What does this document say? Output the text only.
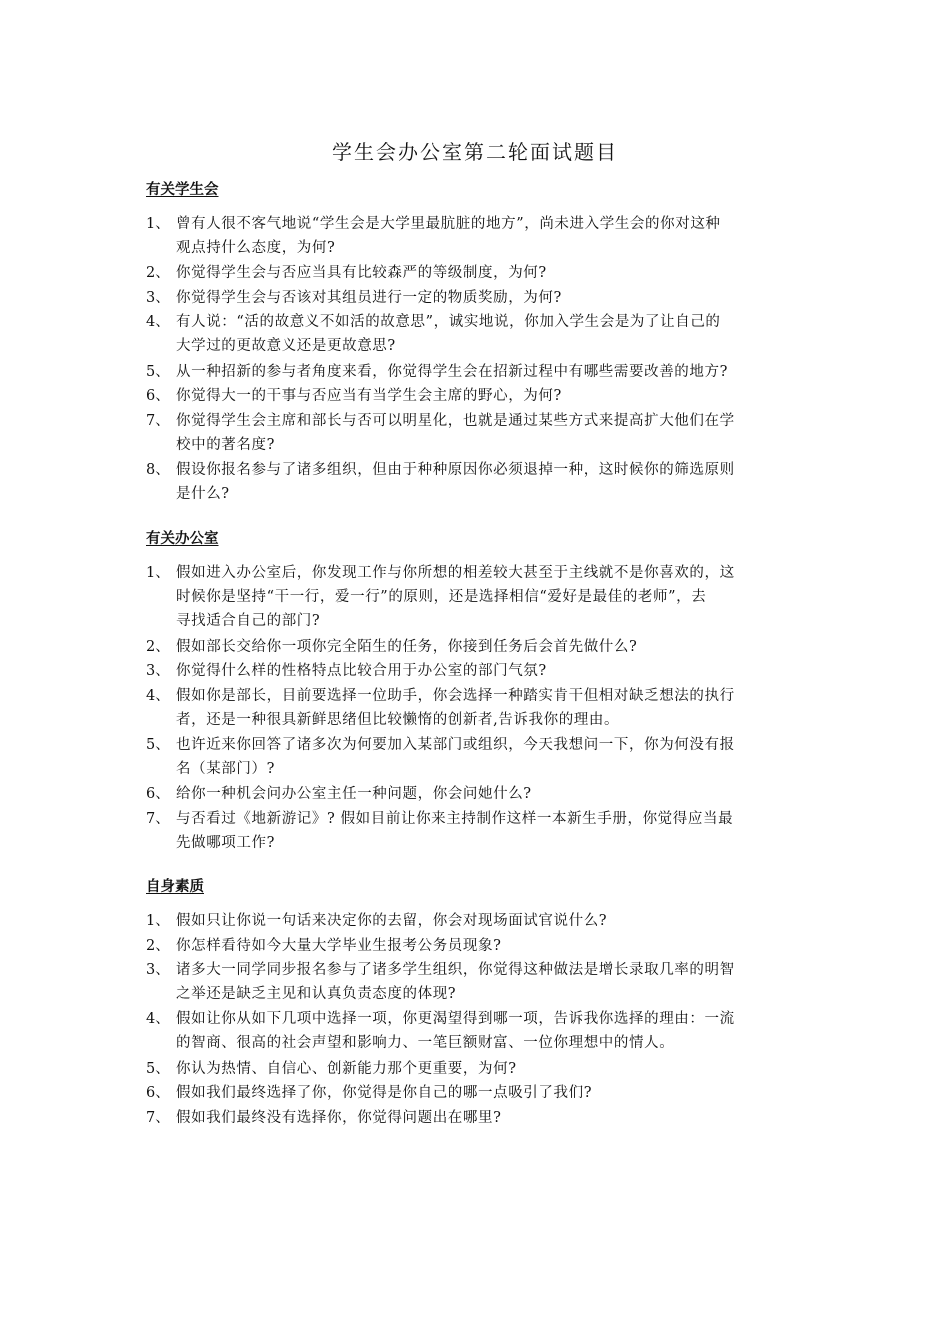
学生会办公室第二轮面试题目
有关学生会
1、 曾有人很不客气地说“学生会是大学里最肮脏的地方”，尚未进入学生会的你对这种
观点持什么态度，为何?
2、 你觉得学生会与否应当具有比较森严的等级制度，为何?
3、 你觉得学生会与否该对其组员进行一定的物质奖励，为何?
4、 有人说：“活的故意义不如活的故意思”，诚实地说，你加入学生会是为了让自己的
大学过的更故意义还是更故意思?
5、 从一种招新的参与者角度来看，你觉得学生会在招新过程中有哪些需要改善的地方?
6、 你觉得大一的干事与否应当有当学生会主席的野心，为何?
7、 你觉得学生会主席和部长与否可以明星化，也就是通过某些方式来提高扩大他们在学
校中的著名度?
8、 假设你报名参与了诸多组织，但由于种种原因你必须退掉一种，这时候你的筛选原则
是什么?
有关办公室
1、 假如进入办公室后，你发现工作与你所想的相差较大甚至于主线就不是你喜欢的，这
时候你是坚持“干一行，爱一行”的原则，还是选择相信“爱好是最佳的老师”，去
寻找适合自己的部门?
2、 假如部长交给你一项你完全陌生的任务，你接到任务后会首先做什么?
3、 你觉得什么样的性格特点比较合用于办公室的部门气氛?
4、 假如你是部长，目前要选择一位助手，你会选择一种踏实肯干但相对缺乏想法的执行
者，还是一种很具新鲜思绪但比较懒惰的创新者,告诉我你的理由。
5、 也许近来你回答了诸多次为何要加入某部门或组织，今天我想问一下，你为何没有报
名（某部门）?
6、 给你一种机会问办公室主任一种问题，你会问她什么?
7、 与否看过《地新游记》? 假如目前让你来主持制作这样一本新生手册，你觉得应当最
先做哪项工作?
自身素质
1、 假如只让你说一句话来决定你的去留，你会对现场面试官说什么?
2、 你怎样看待如今大量大学毕业生报考公务员现象?
3、 诸多大一同学同步报名参与了诸多学生组织，你觉得这种做法是增长录取几率的明智
之举还是缺乏主见和认真负责态度的体现?
4、 假如让你从如下几项中选择一项，你更渴望得到哪一项，告诉我你选择的理由：一流
的智商、很高的社会声望和影响力、一笔巨额财富、一位你理想中的情人。
5、 你认为热情、自信心、创新能力那个更重要，为何?
6、 假如我们最终选择了你，你觉得是你自己的哪一点吸引了我们?
7、 假如我们最终没有选择你，你觉得问题出在哪里?
